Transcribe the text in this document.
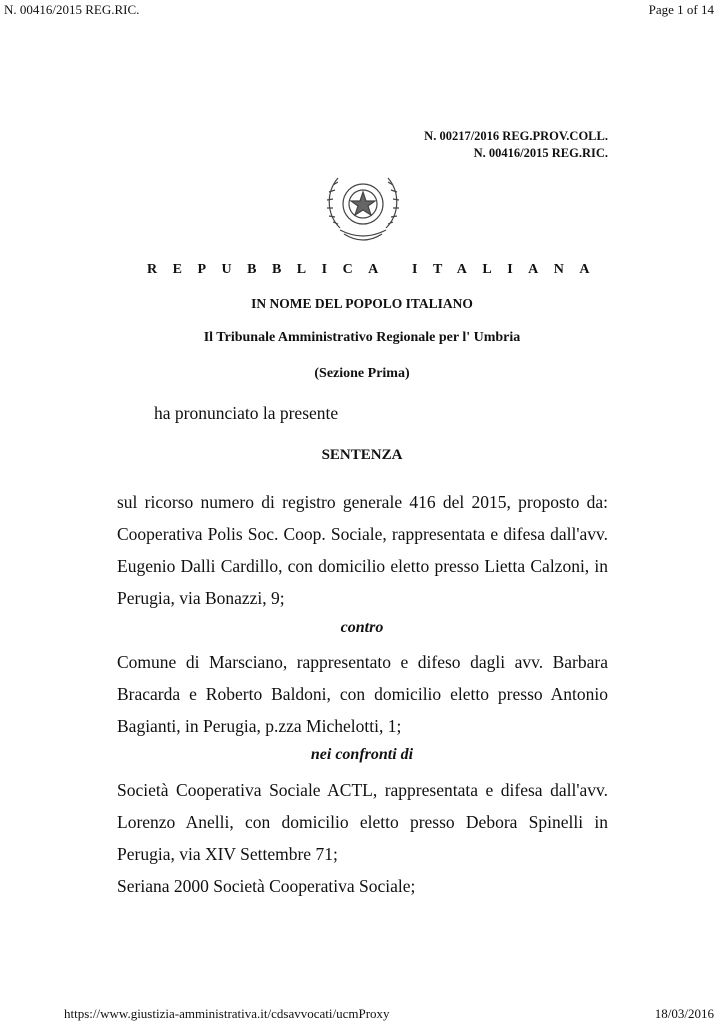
N. 00416/2015 REG.RIC.	Page 1 of 14
N. 00217/2016 REG.PROV.COLL.
N. 00416/2015 REG.RIC.
REPUBBLICA ITALIANA
IN NOME DEL POPOLO ITALIANO
Il Tribunale Amministrativo Regionale per l' Umbria
(Sezione Prima)
ha pronunciato la presente
SENTENZA
sul ricorso numero di registro generale 416 del 2015, proposto da:
Cooperativa Polis Soc. Coop. Sociale, rappresentata e difesa dall'avv.
Eugenio Dalli Cardillo, con domicilio eletto presso Lietta Calzoni, in
Perugia, via Bonazzi, 9;
contro
Comune di Marsciano, rappresentato e difeso dagli avv. Barbara
Bracarda e Roberto Baldoni, con domicilio eletto presso Antonio
Bagianti, in Perugia, p.zza Michelotti, 1;
nei confronti di
Società Cooperativa Sociale ACTL, rappresentata e difesa dall'avv.
Lorenzo Anelli, con domicilio eletto presso Debora Spinelli in
Perugia, via XIV Settembre 71;
Seriana 2000 Società Cooperativa Sociale;
https://www.giustizia-amministrativa.it/cdsavvocati/ucmProxy	18/03/2016
